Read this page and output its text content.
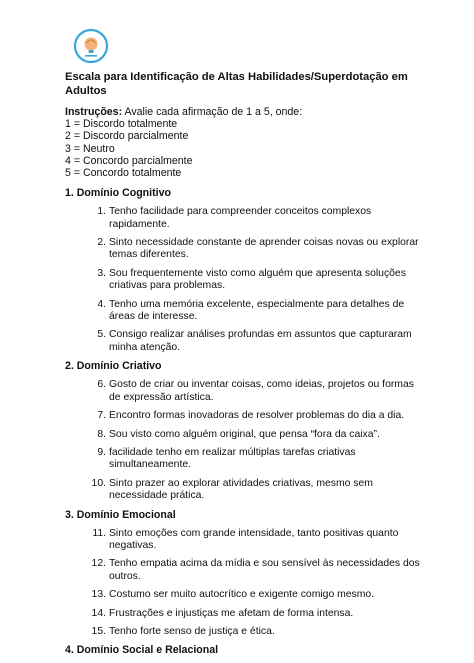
Escala para Identificação de Altas Habilidades/Superdotação em Adultos
Instruções: Avalie cada afirmação de 1 a 5, onde:
1 = Discordo totalmente
2 = Discordo parcialmente
3 = Neutro
4 = Concordo parcialmente
5 = Concordo totalmente
1. Domínio Cognitivo
1. Tenho facilidade para compreender conceitos complexos rapidamente.
2. Sinto necessidade constante de aprender coisas novas ou explorar temas diferentes.
3. Sou frequentemente visto como alguém que apresenta soluções criativas para problemas.
4. Tenho uma memória excelente, especialmente para detalhes de áreas de interesse.
5. Consigo realizar análises profundas em assuntos que capturaram minha atenção.
2. Domínio Criativo
6. Gosto de criar ou inventar coisas, como ideias, projetos ou formas de expressão artística.
7. Encontro formas inovadoras de resolver problemas do dia a dia.
8. Sou visto como alguém original, que pensa “fora da caixa”.
9. facilidade tenho em realizar múltiplas tarefas criativas simultaneamente.
10. Sinto prazer ao explorar atividades criativas, mesmo sem necessidade prática.
3. Domínio Emocional
11. Sinto emoções com grande intensidade, tanto positivas quanto negativas.
12. Tenho empatia acima da mídia e sou sensível às necessidades dos outros.
13. Costumo ser muito autocrítico e exigente comigo mesmo.
14. Frustrações e injustiças me afetam de forma intensa.
15. Tenho forte senso de justiça e ética.
4. Domínio Social e Relacional
